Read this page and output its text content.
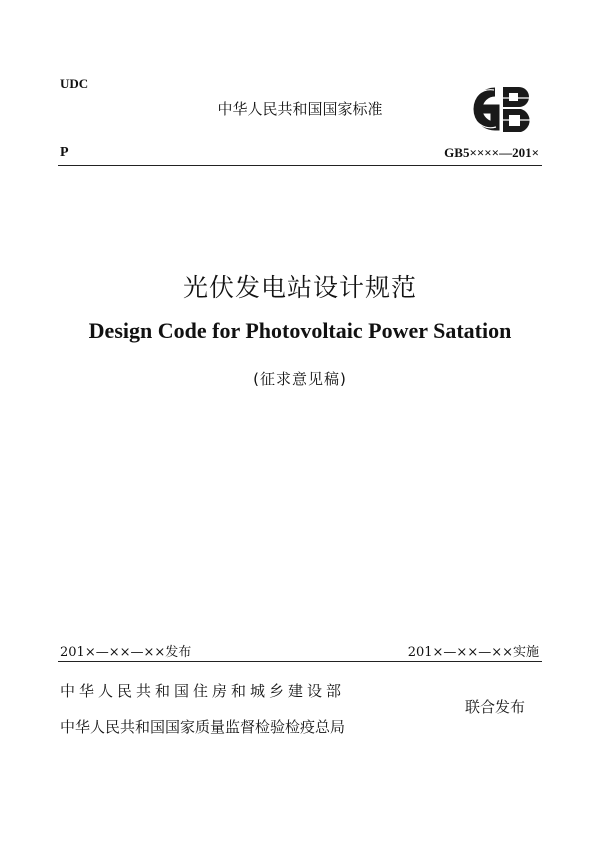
UDC
中华人民共和国国家标准
P	GB5××××—201×
光伏发电站设计规范
Design Code for Photovoltaic Power Satation
(征求意见稿)
201×—××—××发布	201×—××—××实施
中华人民共和国住房和城乡建设部
中华人民共和国国家质量监督检验检疫总局
联合发布
